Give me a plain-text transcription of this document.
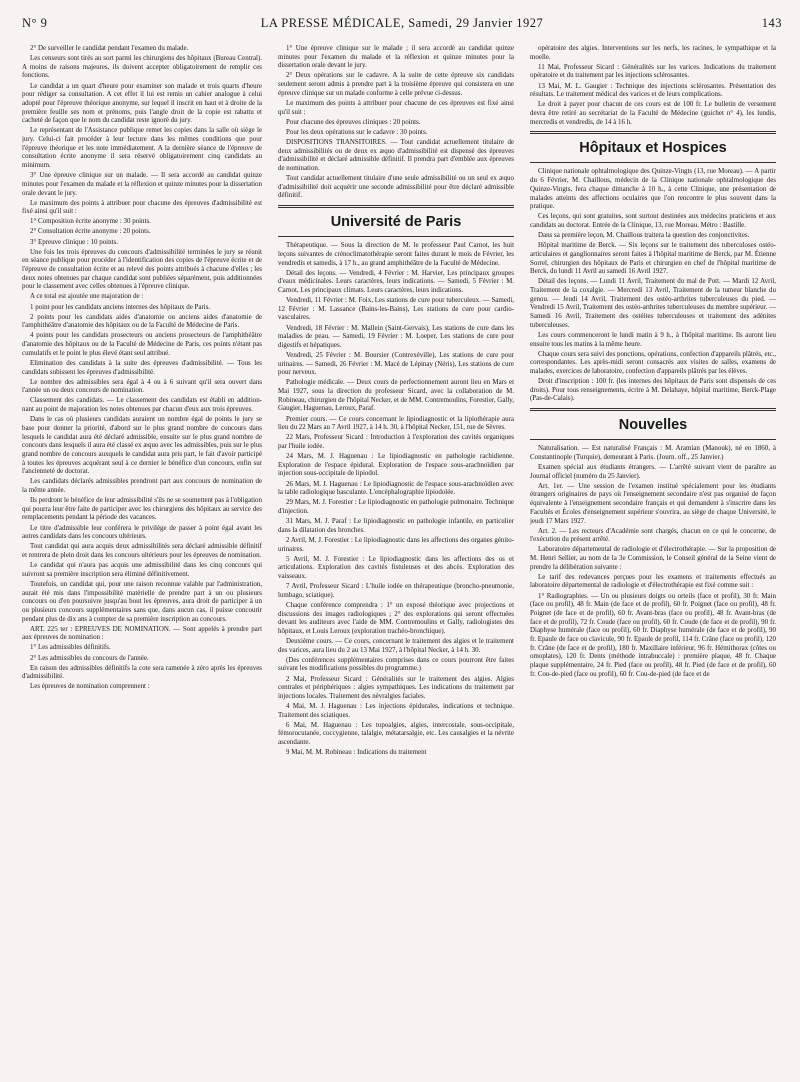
N° 9	LA PRESSE MÉDICALE, Samedi, 29 Janvier 1927	143

2° De surveiller le candidat pendant l'examen du malade.

Les censeurs sont tirés au sort parmi les chirurgiens des hôpitaux (Bureau Central). A moins de raisons majeures, ils doivent accepter obligatoirement de remplir ces fonctions.

Le candidat a un quart d'heure pour examiner son malade et trois quarts d'heure pour rédiger sa consultation. A cet effet il lui est remis un cahier analogue à celui adopté pour l'épreuve théorique anonyme, sur lequel il inscrit en haut et à droite de la première feuille ses nom et prénoms, puis l'angle droit de la copie est rabattu et cacheté de façon que le nom du candidat reste ignoré du jury.

Le représentant de l'Assistance publique remet les copies dans la salle où siège le jury. Celui-ci fait procéder à leur lecture dans les mêmes conditions que pour l'épreuve théorique et les note immédiatement. A la dernière séance de l'épreuve de consultation écrite anonyme il sera réservé obligatoirement cinq candidats au minimum.

3° Une épreuve clinique sur un malade. — Il sera accordé au candidat quinze minutes pour l'examen du malade et la réflexion et quinze minutes pour la dissertation orale devant le jury.

Le maximum des points à attribuer pour chacune des épreuves d'admissibilité est fixé ainsi qu'il suit :

1° Composition écrite anonyme : 30 points.

2° Consultation écrite anonyme : 20 points.

3° Epreuve clinique : 10 points.

Une fois les trois épreuves du concours d'admissibilité terminées le jury se réunit en séance publique pour procéder à l'identification des copies de l'épreuve écrite et de l'épreuve de consultation écrite et au relevé des points attribués à chacune d'elles ; les deux notes obtenues par chaque candidat sont publiées séparément, puis additionnées pour le classement avec celles obtenues à l'épreuve clinique.

A ce total est ajoutée une majoration de :

1 point pour les candidats anciens internes des hôpitaux de Paris.

2 points pour les candidats aides d'anatomie ou anciens aides d'anatomie de l'amphithéâtre d'anatomie des hôpitaux ou de la Faculté de Médecine de Paris.

4 points pour les candidats prosecteurs ou anciens prosecteurs de l'amphithéâtre d'anatomie des hôpitaux ou de la Faculté de Médecine de Paris, ces points n'étant pas cumulatifs et le point le plus élevé étant seul attribué.

Elimination des candidats à la suite des épreuves d'admissibilité. — Tous les candidats subissent les épreuves d'admissibilité.

Le nombre des admissibles sera égal à 4 ou à 6 suivant qu'il sera ouvert dans l'année un ou deux concours de nomination.

Classement des candidats. — Le classement des candidats est établi en addition-nant au point de majoration les notes obtenues par chacun d'eux aux trois épreuves.

Dans le cas où plusieurs candidats auraient un nombre égal de points le jury se base pour donner la priorité, d'abord sur le plus grand nombre de concours dans lesquels le candidat aura été déclaré admissible, ensuite sur le plus grand nombre de concours dans lesquels il aura été classé ex æquo avec les admissibles, puis sur le plus grand nombre de concours auxquels le candidat aura pris part, le fait d'avoir participé à toutes les épreuves acquérant seul à ce dernier le bénéfice d'un concours, enfin sur l'ancienneté de doctorat.

Les candidats déclarés admissibles prendront part aux concours de nomination de la même année.

Ils perdront le bénéfice de leur admissibilité s'ils ne se soumettent pas à l'obligation qui pourra leur être faite de participer avec les chirurgiens des hôpitaux au service des remplacements pendant la période des vacances.

Le titre d'admissible leur conférera le privilège de passer à point égal avant les autres candidats dans les concours ultérieurs.

Tout candidat qui aura acquis deux admissibilités sera déclaré admissible définitif et rentrera de plein droit dans les concours ultérieurs pour les épreuves de nomination.

Le candidat qui n'aura pas acquis une admissibilité dans les cinq concours qui suivront sa première inscription sera éliminé définitivement.

Toutefois, un candidat qui, pour une raison reconnue valable par l'administration, aurait été mis dans l'impossibilité matérielle de prendre part à un ou plusieurs concours ou d'en poursuivre jusqu'au bout les épreuves, aura droit de participer à un ou plusieurs concours supplémentaires sans que, dans aucun cas, il puisse concourir pendant plus de dix ans à compter de sa première inscription au concours.

ART. 225 ter : EPREUVES DE NOMINATION. — Sont appelés à prendre part aux épreuves de nomination :

1° Les admissibles définitifs.

2° Les admissibles du concours de l'année.

En raison des admissibles définitifs la cote sera ramenée à zéro après les épreuves d'admissibilité.

Les épreuves de nomination comprennent :

1° Une épreuve clinique sur le malade ; il sera accordé au candidat quinze minutes pour l'examen du malade et la réflexion et quinze minutes pour la dissertation orale devant le jury.

2° Deux opérations sur le cadavre. A la suite de cette épreuve six candidats seulement seront admis à prendre part à la troisième épreuve qui consistera en une épreuve clinique sur un malade conforme à celle prévue ci-dessus.

Le maximum des points à attribuer pour chacune de ces épreuves est fixé ainsi qu'il suit :

Pour chacune des épreuves cliniques : 20 points.

Pour les deux opérations sur le cadavre : 30 points.

DISPOSITIONS TRANSITOIRES. — Tout candidat actuellement titulaire de deux admissibilités ou de deux ex æquo d'admissibilité est dispensé des épreuves d'admissibilité et déclaré admissible définitif. Il prendra part d'emblée aux épreuves de nomination.

Tout candidat actuellement titulaire d'une seule admissibilité ou un seul ex æquo d'admissibilité doit acquérir une seconde admissibilité pour être déclaré admissible définitif.

Université de Paris

Thérapeutique. — Sous la direction de M. le professeur Paul Carnot, les huit leçons suivantes de crénoclimatothérapie seront faites durant le mois de Février, les vendredis et samedis, à 17 h., au grand amphithéâtre de la Faculté de Médecine.

Détail des leçons. — Vendredi, 4 Février : M. Harvier, Les principaux groupes d'eaux médicinales. Leurs caractères, leurs indications. — Samedi, 5 Février : M. Carnot, Les principaux climats. Leurs caractères, leurs indications.

Vendredi, 11 Février : M. Foix, Les stations de cure pour tuberculeux. — Samedi, 12 Février : M. Lassance (Bains-les-Bains), Les stations de cure pour cardio-vasculaires.

Vendredi, 18 Février : M. Mallein (Saint-Gervais), Les stations de cure dans les maladies de peau. — Samedi, 19 Février : M. Loeper, Les stations de cure pour digestifs et hépatiques.

Vendredi, 25 Février : M. Boursier (Contrexéville), Les stations de cure pour urinaires. — Samedi, 26 Février : M. Macé de Lépinay (Néris), Les stations de cure pour nerveux.

Pathologie médicale. — Deux cours de perfectionnement auront lieu en Mars et Mai 1927, sous la direction du professeur Sicard, avec la collaboration de M. Robineau, chirurgien de l'hôpital Necker, et de MM. Contremoulins, Forestier, Gally, Gaugier, Haguenau, Leroux, Paraf.

Premier cours. — Ce cours concernant le lipiodiagnostic et la lipiothérapie aura lieu du 22 Mars au 7 Avril 1927, à 14 h. 30, à l'hôpital Necker, 151, rue de Sèvres.

22 Mars, Professeur Sicard : Introduction à l'exploration des cavités organiques par l'huile iodée.

24 Mars, M. J. Haguenau : Le lipiodiagnostic en pathologie rachidienne. Exploration de l'espace épidural. Exploration de l'espace sous-arachnoïdien par injection sous-occipitale de lipiodol.

26 Mars, M. J. Haguenau : Le lipiodiagnostic de l'espace sous-arachnoïdien avec la table radiologique basculante. L'encéphalographie lipiodolée.

29 Mars, M. J. Forestier : Le lipiodiagnostic en pathologie pulmonaire. Technique d'injection.

31 Mars, M. J. Paraf : Le lipiodiagnostic en pathologie infantile, en particulier dans la dilatation des bronches.

2 Avril, M. J. Forestier : Le lipiodiagnostic dans les affections des organes génito-urinaires.

5 Avril, M. J. Forestier : Le lipiodiagnostic dans les affections des os et articulations. Exploration des cavités fistuleuses et des abcès. Exploration des vaisseaux.

7 Avril, Professeur Sicard : L'huile iodée en thérapeutique (broncho-pneumonie, lumbago, sciatique).

Chaque conférence comprendra : 1° un exposé théorique avec projections et discussions des images radiologiques ; 2° des explorations qui seront effectuées devant les auditeurs avec l'aide de MM. Contremoulins et Gally, radiologistes des hôpitaux, et Louis Leroux (exploration trachéo-bronchique).

Deuxième cours. — Ce cours, concernant le traitement des algies et le traitement des varices, aura lieu du 2 au 13 Mai 1927, à l'hôpital Necker, à 14 h. 30.

(Des conférences supplémentaires comprises dans ce cours pourront être faites suivant les modifications possibles du programme.)

2 Mai, Professeur Sicard : Généralités sur le traitement des algies. Algies centrales et périphériques : algies sympathiques. Les indications du traitement par injections locales. Traitement des névralgies faciales.

4 Mai, M. J. Haguenau : Les injections épidurales, indications et technique. Traitement des sciatiques.

6 Mai, M. Haguenau : Les topoalgies, algies, intercostale, sous-occipitale, fémorocutanée, coccygienne, talalgie, métatarsalgie, etc. Les causalgies et la névrite ascendante.

9 Mai, M. M. Robineau : Indications du traitement

opératoire des algies. Interventions sur les nerfs, les racines, le sympathique et la moelle.

11 Mai, Professeur Sicard : Généralités sur les varices. Indications du traitement opératoire et du traitement par les injections sclérosantes.

13 Mai, M. L. Gaugier : Technique des injections sclérosantes. Présentation des résultats. Le traitement médical des varices et de leurs complications.

Le droit à payer pour chacun de ces cours est de 100 fr. Le bulletin de versement devra être retiré au secrétariat de la Faculté de Médecine (guichet n° 4), les lundis, mercredis et vendredis, de 14 à 16 h.

Hôpitaux et Hospices

Clinique nationale ophtalmologique des Quinze-Vingts (13, rue Moreau). — A partir du 6 Février, M. Chaillous, médecin de la Clinique nationale ophtalmologique des Quinze-Vingts, fera chaque dimanche à 10 h., à cette Clinique, une présentation de malades atteints des affections oculaires que l'on rencontre le plus souvent dans la pratique.

Ces leçons, qui sont gratuites, sont surtout destinées aux médecins praticiens et aux candidats au doctorat. Entrée de la Clinique, 13, rue Moreau. Métro : Bastille.

Dans sa première leçon, M. Chaillous traitera la question des conjonctivites.

Hôpital maritime de Berck. — Six leçons sur le traitement des tuberculoses ostéo-articulaires et ganglionnaires seront faites à l'hôpital maritime de Berck, par M. Étienne Sorrel, chirurgien des hôpitaux de Paris et chirurgien en chef de l'hôpital maritime de Berck, du lundi 11 Avril au samedi 16 Avril 1927.

Détail des leçons. — Lundi 11 Avril, Traitement du mal de Pott. — Mardi 12 Avril, Traitement de la coxalgie. — Mercredi 13 Avril, Traitement de la tumeur blanche du genou. — Jeudi 14 Avril, Traitement des ostéo-arthrites tuberculeuses du pied. — Vendredi 15 Avril, Traitement des ostéo-arthrites tuberculeuses du membre supérieur. — Samedi 16 Avril, Traitement des ostéites tuberculeuses et traitement des adénites tuberculeuses.

Les cours commenceront le lundi matin à 9 h., à l'hôpital maritime. Ils auront lieu ensuite tous les matins à la même heure.

Chaque cours sera suivi des ponctions, opérations, confection d'appareils plâtrés, etc., correspondantes. Les après-midi seront consacrés aux visites de salles, examens de malades, exercices de laboratoire, confection d'appareils plâtrés par les élèves.

Droit d'inscription : 100 fr. (les internes des hôpitaux de Paris sont dispensés de ces droits). Pour tous renseignements, écrire à M. Delahaye, hôpital maritime, Berck-Plage (Pas-de-Calais).

Nouvelles

Naturalisation. — Est naturalisé Français : M. Aramian (Manouk), né en 1860, à Constantinople (Turquie), demeurant à Paris. (Journ. off., 25 Janvier.)

Examen spécial aux étudiants étrangers. — L'arrêté suivant vient de paraître au Journal officiel (numéro du 25 Janvier).

Art. 1er. — Une session de l'examen institué spécialement pour les étudiants étrangers originaires de pays où l'enseignement secondaire n'est pas organisé de façon équivalente à l'enseignement secondaire français et qui demandent à s'inscrire dans les Facultés et Écoles d'enseignement supérieur s'ouvrira, au siège de chaque Université, le jeudi 17 Mars 1927.

Art. 2. — Les recteurs d'Académie sont chargés, chacun en ce qui le concerne, de l'exécution du présent arrêté.

Laboratoire départemental de radiologie et d'électrothérapie. — Sur la proposition de M. Henri Sellier, au nom de la 3e Commission, le Conseil général de la Seine vient de prendre la délibération suivante :

Le tarif des redevances perçues pour les examens et traitements effectués au laboratoire départemental de radiologie et d'électrothérapie est fixé comme suit :

1° Radiographies. — Un ou plusieurs doigts ou orteils (face et profil), 30 fr. Main (face ou profil), 48 fr. Main (de face et de profil), 60 fr. Poignet (face ou profil), 48 fr. Poignet (de face et de profil), 60 fr. Avant-bras (face ou profil), 48 fr. Avant-bras (de face et de profil), 72 fr. Coude (face ou profil), 60 fr. Coude (de face et de profil), 90 fr. Diaphyse humérale (face ou profil), 60 fr. Diaphyse humérale (de face et de profil), 90 fr. Epaule de face ou clavicule, 90 fr. Epaule de profil, 114 fr. Crâne (face ou profil), 120 fr. Crâne (de face et de profil), 180 fr. Maxillaire inférieur, 96 fr. Hémithorax (côtes ou omoplates), 120 fr. Dents (méthode intrabuccale) : première plaque, 48 fr. Chaque plaque supplémentaire, 24 fr. Pied (face ou profil), 48 fr. Pied (de face et de profil), 60 fr. Cou-de-pied (face ou profil), 60 fr. Cou-de-pied (de face et de
